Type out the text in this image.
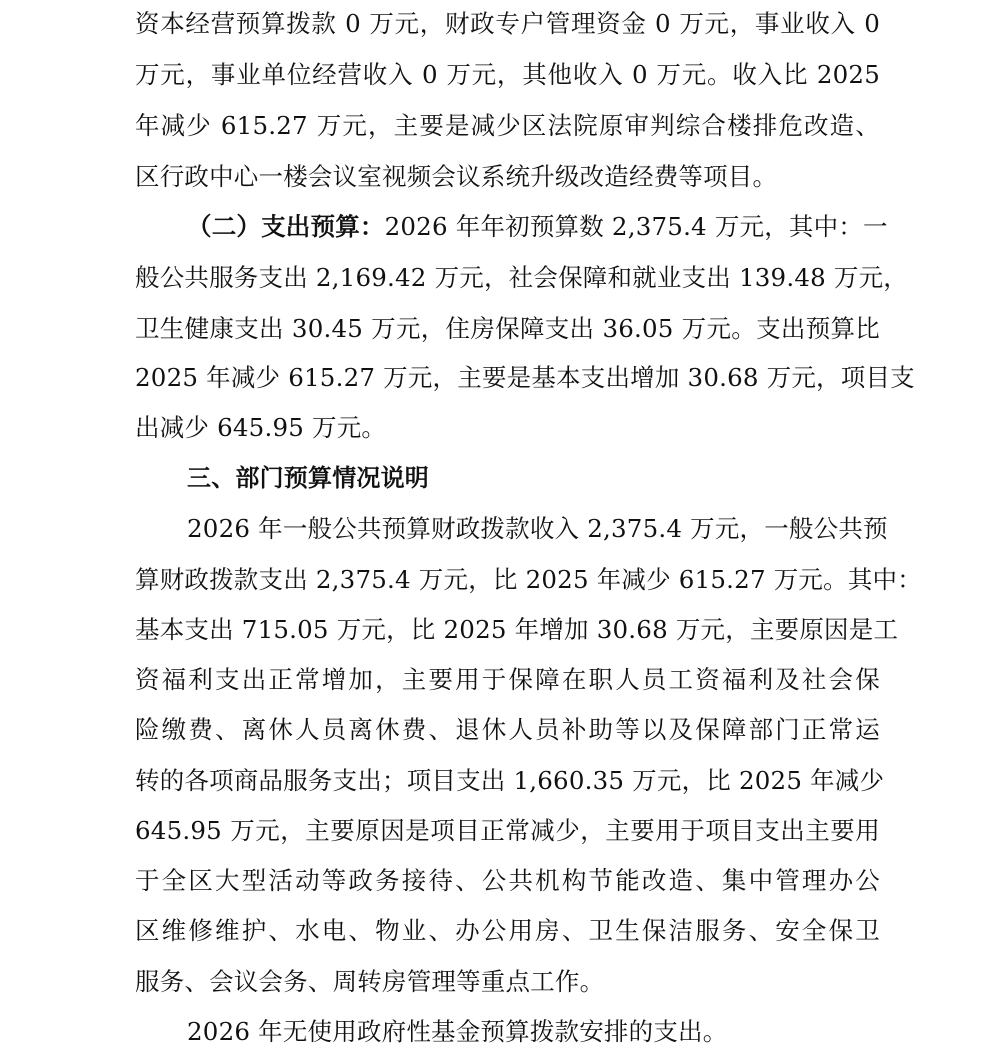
资本经营预算拨款 0 万元，财政专户管理资金 0 万元，事业收入 0
万元，事业单位经营收入 0 万元，其他收入 0 万元。收入比 2025
年减少 615.27 万元，主要是减少区法院原审判综合楼排危改造、
区行政中心一楼会议室视频会议系统升级改造经费等项目。
（二）支出预算：2026 年年初预算数 2,375.4 万元，其中：一
般公共服务支出 2,169.42 万元，社会保障和就业支出 139.48 万元，
卫生健康支出 30.45 万元，住房保障支出 36.05 万元。支出预算比
2025 年减少 615.27 万元，主要是基本支出增加 30.68 万元，项目支
出减少 645.95 万元。
三、部门预算情况说明
2026 年一般公共预算财政拨款收入 2,375.4 万元，一般公共预
算财政拨款支出 2,375.4 万元，比 2025 年减少 615.27 万元。其中：
基本支出 715.05 万元，比 2025 年增加 30.68 万元，主要原因是工
资福利支出正常增加，主要用于保障在职人员工资福利及社会保
险缴费、离休人员离休费、退休人员补助等以及保障部门正常运
转的各项商品服务支出；项目支出 1,660.35 万元，比 2025 年减少
645.95 万元，主要原因是项目正常减少，主要用于项目支出主要用
于全区大型活动等政务接待、公共机构节能改造、集中管理办公
区维修维护、水电、物业、办公用房、卫生保洁服务、安全保卫
服务、会议会务、周转房管理等重点工作。
2026 年无使用政府性基金预算拨款安排的支出。
